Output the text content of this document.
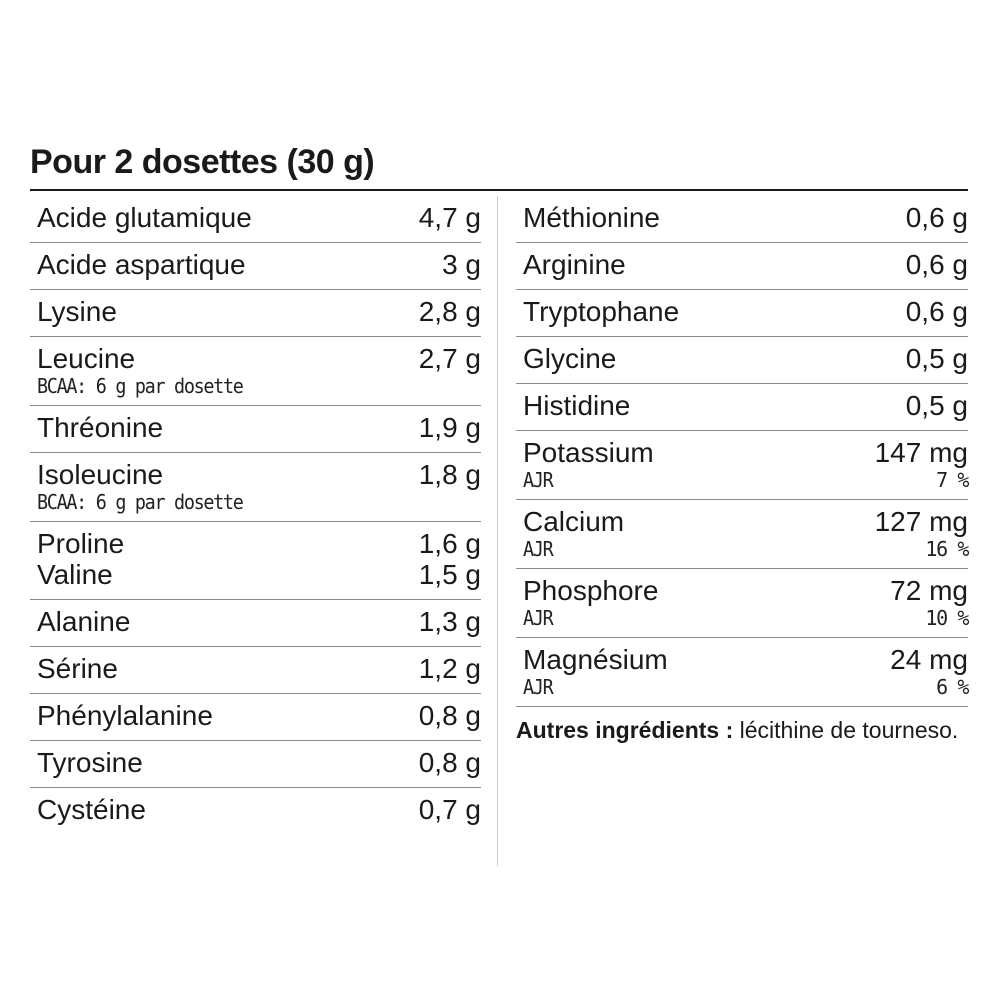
Pour 2 dosettes (30 g)
Acide glutamique	4,7 g
Acide aspartique	3 g
Lysine	2,8 g
Leucine	2,7 g
BCAA: 6 g par dosette
Thréonine	1,9 g
Isoleucine	1,8 g
BCAA: 6 g par dosette
Proline	1,6 g
Valine	1,5 g
Alanine	1,3 g
Sérine	1,2 g
Phénylalanine	0,8 g
Tyrosine	0,8 g
Cystéine	0,7 g
Méthionine	0,6 g
Arginine	0,6 g
Tryptophane	0,6 g
Glycine	0,5 g
Histidine	0,5 g
Potassium	147 mg
AJR	7 %
Calcium	127 mg
AJR	16 %
Phosphore	72 mg
AJR	10 %
Magnésium	24 mg
AJR	6 %
Autres ingrédients : lécithine de tourneso.
